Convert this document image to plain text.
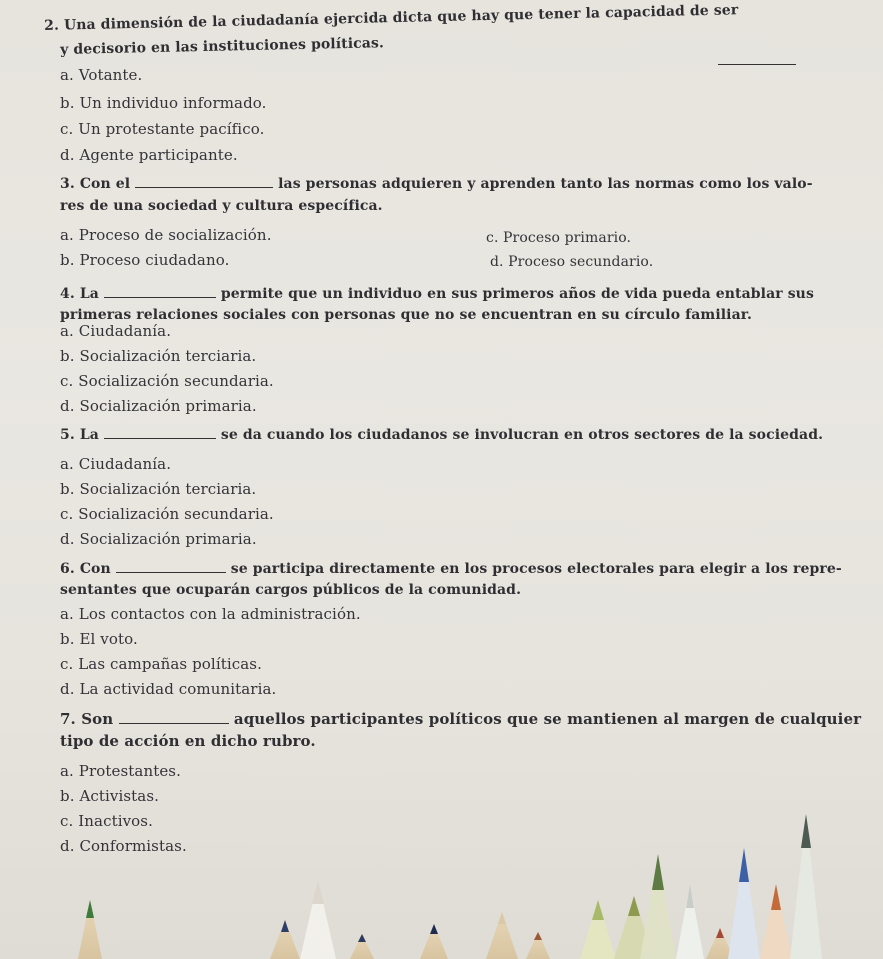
2. Una dimensión de la ciudadanía ejercida dicta que hay que tener la capacidad de ser
y decisorio en las instituciones políticas.
a. Votante.
b. Un individuo informado.
c. Un protestante pacífico.
d. Agente participante.
3. Con el	las personas adquieren y aprenden tanto las normas como los valo-
res de una sociedad y cultura específica.
a. Proceso de socialización.
b. Proceso ciudadano.
c. Proceso primario.
d. Proceso secundario.
4. La	permite que un individuo en sus primeros años de vida pueda entablar sus
primeras relaciones sociales con personas que no se encuentran en su círculo familiar.
a. Ciudadanía.
b. Socialización terciaria.
c. Socialización secundaria.
d. Socialización primaria.
5. La	se da cuando los ciudadanos se involucran en otros sectores de la sociedad.
a. Ciudadanía.
b. Socialización terciaria.
c. Socialización secundaria.
d. Socialización primaria.
6. Con	se participa directamente en los procesos electorales para elegir a los repre-
sentantes que ocuparán cargos públicos de la comunidad.
a. Los contactos con la administración.
b. El voto.
c. Las campañas políticas.
d. La actividad comunitaria.
7. Son	aquellos participantes políticos que se mantienen al margen de cualquier
tipo de acción en dicho rubro.
a. Protestantes.
b. Activistas.
c. Inactivos.
d. Conformistas.
